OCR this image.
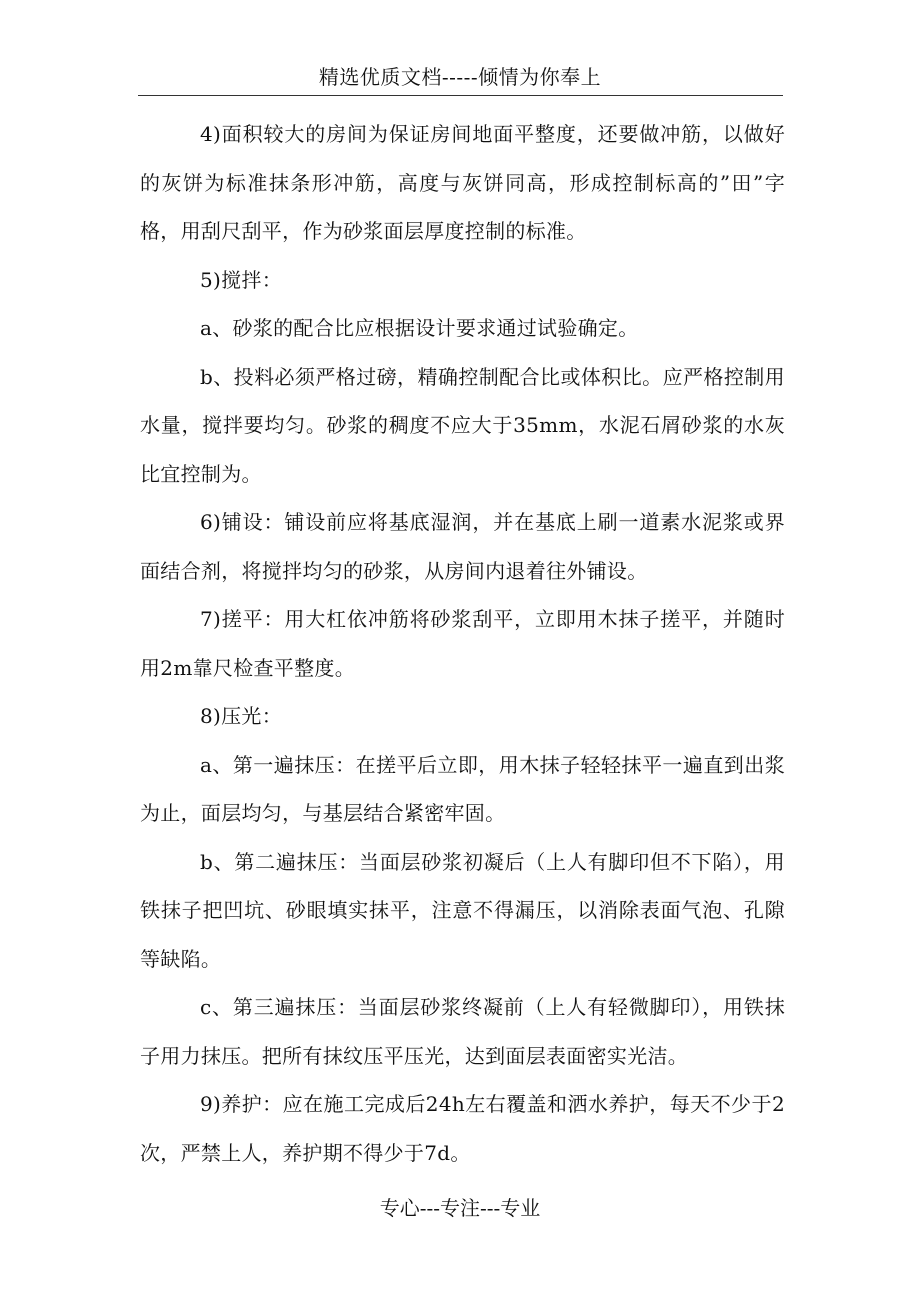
精选优质文档-----倾情为你奉上

4)面积较大的房间为保证房间地面平整度，还要做冲筋，以做好的灰饼为标准抹条形冲筋，高度与灰饼同高，形成控制标高的”田”字格，用刮尺刮平，作为砂浆面层厚度控制的标准。

5)搅拌：

a、砂浆的配合比应根据设计要求通过试验确定。

b、投料必须严格过磅，精确控制配合比或体积比。应严格控制用水量，搅拌要均匀。砂浆的稠度不应大于35mm，水泥石屑砂浆的水灰比宜控制为。

6)铺设：铺设前应将基底湿润，并在基底上刷一道素水泥浆或界面结合剂，将搅拌均匀的砂浆，从房间内退着往外铺设。

7)搓平：用大杠依冲筋将砂浆刮平，立即用木抹子搓平，并随时用2m靠尺检查平整度。

8)压光：

a、第一遍抹压：在搓平后立即，用木抹子轻轻抹平一遍直到出浆为止，面层均匀，与基层结合紧密牢固。

b、第二遍抹压：当面层砂浆初凝后（上人有脚印但不下陷），用铁抹子把凹坑、砂眼填实抹平，注意不得漏压，以消除表面气泡、孔隙等缺陷。

c、第三遍抹压：当面层砂浆终凝前（上人有轻微脚印），用铁抹子用力抹压。把所有抹纹压平压光，达到面层表面密实光洁。

9)养护：应在施工完成后24h左右覆盖和洒水养护，每天不少于2次，严禁上人，养护期不得少于7d。

专心---专注---专业
